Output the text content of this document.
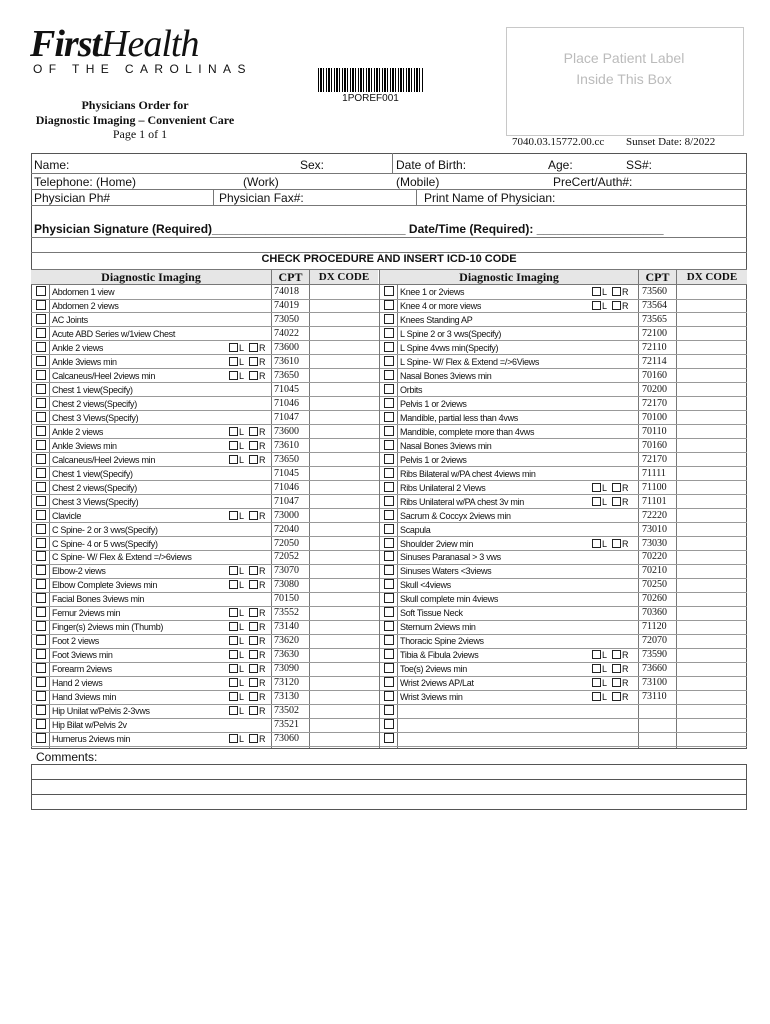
FirstHealth
OF THE CAROLINAS
1POREF001
Place Patient Label
Inside This Box
Physicians Order for
Diagnostic Imaging – Convenient Care
Page 1 of 1
7040.03.15772.00.cc Sunset Date: 8/2022
Name:	Sex:	Date of Birth:	Age:	SS#:
Telephone: (Home)	(Work)	(Mobile)	PreCert/Auth#:
Physician Ph#	Physician Fax#:	Print Name of Physician:
Physician Signature (Required)_____________________________ Date/Time (Required): ___________________
CHECK PROCEDURE AND INSERT ICD-10 CODE
Diagnostic Imaging	CPT	DX CODE	Diagnostic Imaging	CPT	DX CODE
Abdomen 1 view	74018
Abdomen 2 views	74019
AC Joints	73050
Acute ABD Series w/1view Chest	74022
Ankle 2 views	L R 73600
Ankle 3views min	L R 73610
Calcaneus/Heel 2views min	L R 73650
Chest 1 view(Specify)	71045
Chest 2 views(Specify)	71046
Chest 3 Views(Specify)	71047
Ankle 2 views	L R 73600
Ankle 3views min	L R 73610
Calcaneus/Heel 2views min	L R 73650
Chest 1 view(Specify)	71045
Chest 2 views(Specify)	71046
Chest 3 Views(Specify)	71047
Clavicle	L R 73000
C Spine- 2 or 3 vws(Specify)	72040
C Spine- 4 or 5 vws(Specify)	72050
C Spine- W/ Flex & Extend =/>6views	72052
Elbow-2 views	L R 73070
Elbow Complete 3views min	L R 73080
Facial Bones 3views min	70150
Femur 2views min	L R 73552
Finger(s) 2views min (Thumb)	L R 73140
Foot 2 views	L R 73620
Foot 3views min	L R 73630
Forearm 2views	L R 73090
Hand 2 views	L R 73120
Hand 3views min	L R 73130
Hip Unilat w/Pelvis 2-3vws	L R 73502
Hip Bilat w/Pelvis 2v	73521
Humerus 2views min	L R 73060
Knee 1 or 2views	L R 73560
Knee 4 or more views	L R 73564
Knees Standing AP	73565
L Spine 2 or 3 vws(Specify)	72100
L Spine 4vws min(Specify)	72110
L Spine- W/ Flex & Extend =/>6Views	72114
Nasal Bones 3views min	70160
Orbits	70200
Pelvis 1 or 2views	72170
Mandible, partial less than 4vws	70100
Mandible, complete more than 4vws	70110
Nasal Bones 3views min	70160
Pelvis 1 or 2views	72170
Ribs Bilateral w/PA chest 4views min	71111
Ribs Unilateral 2 Views	L R 71100
Ribs Unilateral w/PA chest 3v min	L R 71101
Sacrum & Coccyx 2views min	72220
Scapula	73010
Shoulder 2view min	L R 73030
Sinuses Paranasal > 3 vws	70220
Sinuses Waters <3views	70210
Skull <4views	70250
Skull complete min 4views	70260
Soft Tissue Neck	70360
Sternum 2views min	71120
Thoracic Spine 2views	72070
Tibia & Fibula 2views	L R 73590
Toe(s) 2views min	L R 73660
Wrist 2views AP/Lat	L R 73100
Wrist 3views min	L R 73110
Comments:
